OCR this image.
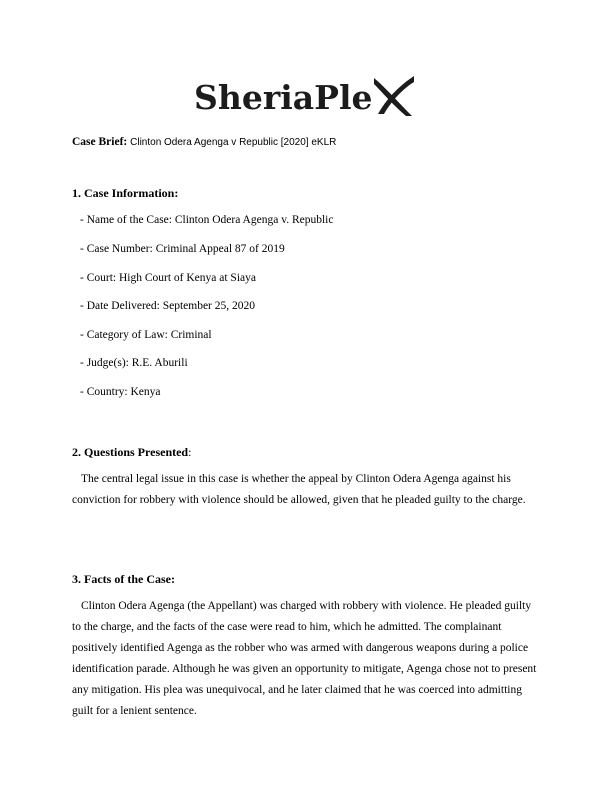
SheriaPle
Case Brief: Clinton Odera Agenga v Republic [2020] eKLR
1. Case Information:
- Name of the Case: Clinton Odera Agenga v. Republic
- Case Number: Criminal Appeal 87 of 2019
- Court: High Court of Kenya at Siaya
- Date Delivered: September 25, 2020
- Category of Law: Criminal
- Judge(s): R.E. Aburili
- Country: Kenya
2. Questions Presented:
The central legal issue in this case is whether the appeal by Clinton Odera Agenga against his conviction for robbery with violence should be allowed, given that he pleaded guilty to the charge.
3. Facts of the Case:
Clinton Odera Agenga (the Appellant) was charged with robbery with violence. He pleaded guilty to the charge, and the facts of the case were read to him, which he admitted. The complainant positively identified Agenga as the robber who was armed with dangerous weapons during a police identification parade. Although he was given an opportunity to mitigate, Agenga chose not to present any mitigation. His plea was unequivocal, and he later claimed that he was coerced into admitting guilt for a lenient sentence.
